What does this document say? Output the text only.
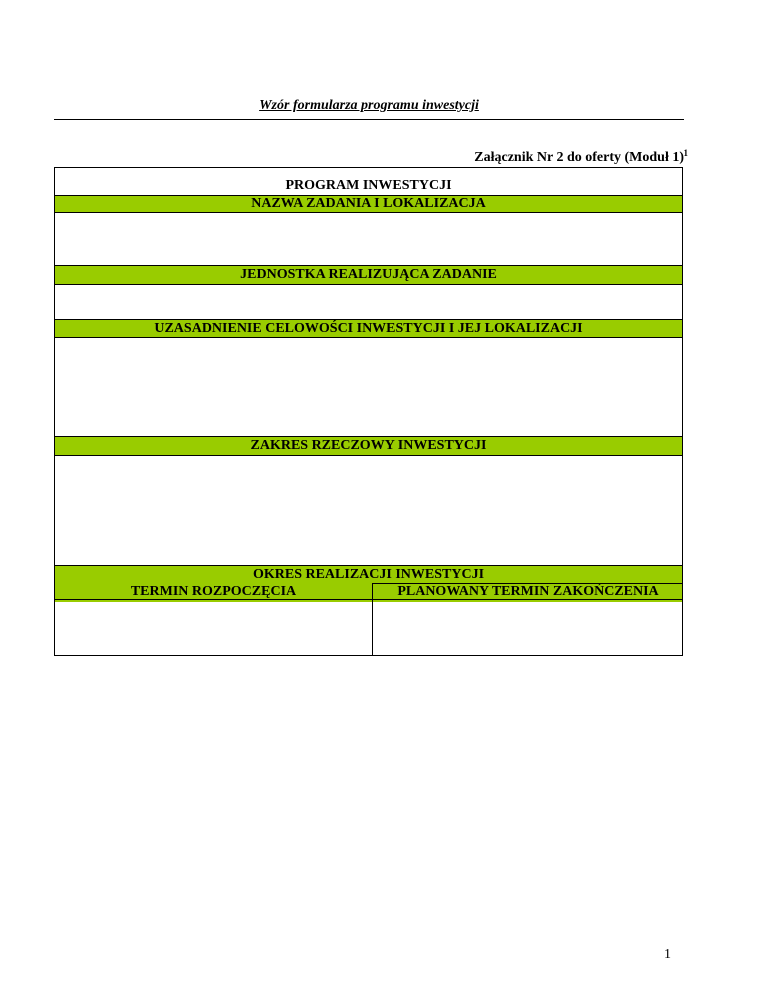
Wzór formularza programu inwestycji
Załącznik Nr 2 do oferty (Moduł 1) 1
PROGRAM INWESTYCJI
NAZWA ZADANIA I LOKALIZACJA
JEDNOSTKA REALIZUJĄCA ZADANIE
UZASADNIENIE CELOWOŚCI INWESTYCJI I JEJ LOKALIZACJI
ZAKRES RZECZOWY INWESTYCJI
OKRES REALIZACJI INWESTYCJI
TERMIN ROZPOCZĘCIA	PLANOWANY TERMIN ZAKOŃCZENIA
1
